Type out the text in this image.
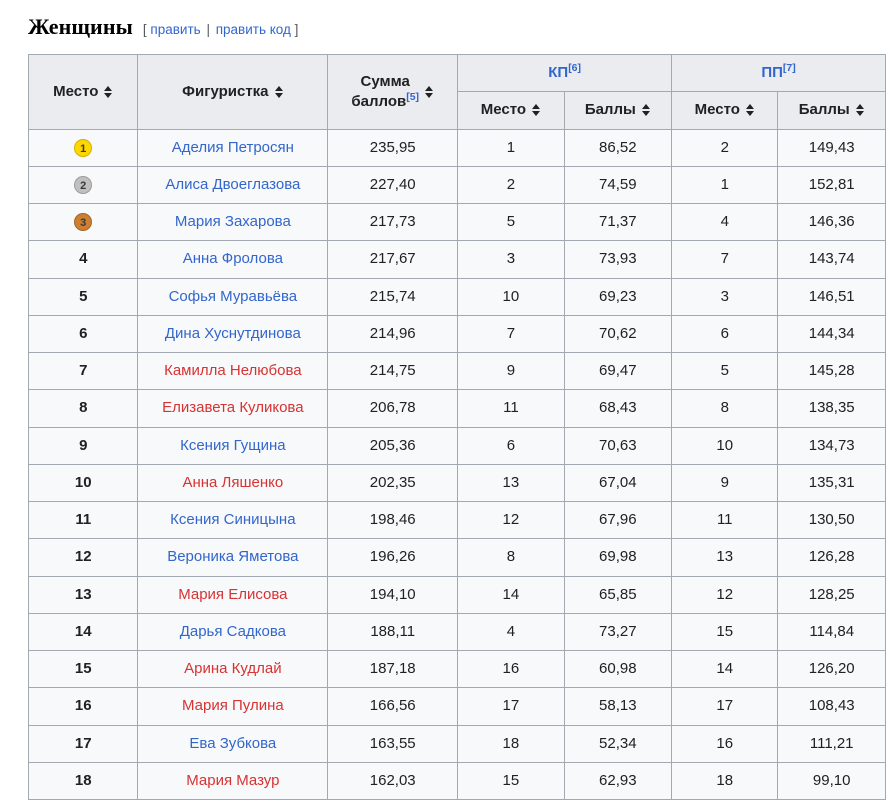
Женщины [ править | править код ]
Место	Фигуристка	Сумма
баллов[5]	КП[6]		ПП[7]

			Место	Баллы	Место	Баллы

1	Аделия Петросян	235,95	1	86,52	2	149,43
2	Алиса Двоеглазова	227,40	2	74,59	1	152,81
3	Мария Захарова	217,73	5	71,37	4	146,36
4	Анна Фролова	217,67	3	73,93	7	143,74
5	Софья Муравьёва	215,74	10	69,23	3	146,51
6	Дина Хуснутдинова	214,96	7	70,62	6	144,34
7	Камилла Нелюбова	214,75	9	69,47	5	145,28
8	Елизавета Куликова	206,78	11	68,43	8	138,35
9	Ксения Гущина	205,36	6	70,63	10	134,73
10	Анна Ляшенко	202,35	13	67,04	9	135,31
11	Ксения Синицына	198,46	12	67,96	11	130,50
12	Вероника Яметова	196,26	8	69,98	13	126,28
13	Мария Елисова	194,10	14	65,85	12	128,25
14	Дарья Садкова	188,11	4	73,27	15	114,84
15	Арина Кудлай	187,18	16	60,98	14	126,20
16	Мария Пулина	166,56	17	58,13	17	108,43
17	Ева Зубкова	163,55	18	52,34	16	111,21
18	Мария Мазур	162,03	15	62,93	18	99,10
